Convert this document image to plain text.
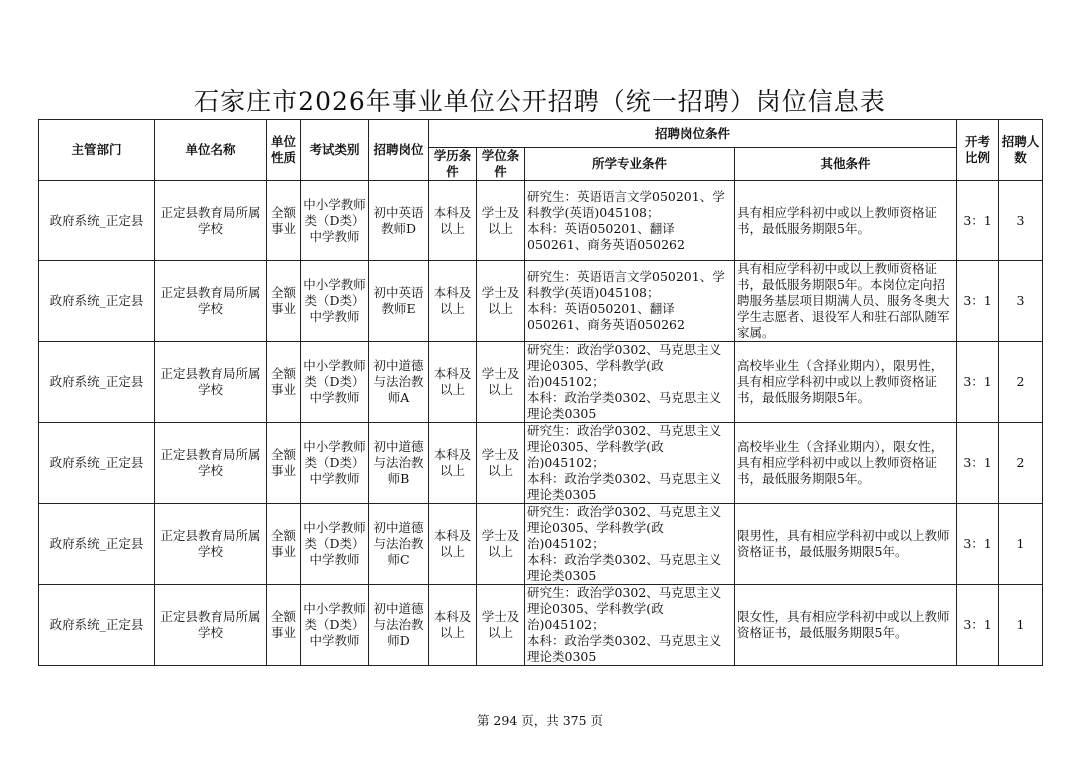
石家庄市2026年事业单位公开招聘（统一招聘）岗位信息表
主管部门	单位名称	单位性质	考试类别	招聘岗位	招聘岗位条件				开考比例	招聘人数
					学历条件	学位条件	所学专业条件	其他条件		
政府系统_正定县	正定县教育局所属学校	全额事业	中小学教师类（D类）中学教师	初中英语教师D	本科及以上	学士及以上	研究生：英语语言文学050201、学科教学(英语)045108；
本科：英语050201、翻译050261、商务英语050262	具有相应学科初中或以上教师资格证书，最低服务期限5年。	3：1	3
政府系统_正定县	正定县教育局所属学校	全额事业	中小学教师类（D类）中学教师	初中英语教师E	本科及以上	学士及以上	研究生：英语语言文学050201、学科教学(英语)045108；
本科：英语050201、翻译050261、商务英语050262	具有相应学科初中或以上教师资格证书，最低服务期限5年。本岗位定向招聘服务基层项目期满人员、服务冬奥大学生志愿者、退役军人和驻石部队随军家属。	3：1	3
政府系统_正定县	正定县教育局所属学校	全额事业	中小学教师类（D类）中学教师	初中道德与法治教师A	本科及以上	学士及以上	研究生：政治学0302、马克思主义理论0305、学科教学(政治)045102；
本科：政治学类0302、马克思主义理论类0305	高校毕业生（含择业期内），限男性，具有相应学科初中或以上教师资格证书，最低服务期限5年。	3：1	2
政府系统_正定县	正定县教育局所属学校	全额事业	中小学教师类（D类）中学教师	初中道德与法治教师B	本科及以上	学士及以上	研究生：政治学0302、马克思主义理论0305、学科教学(政治)045102；
本科：政治学类0302、马克思主义理论类0305	高校毕业生（含择业期内），限女性，具有相应学科初中或以上教师资格证书，最低服务期限5年。	3：1	2
政府系统_正定县	正定县教育局所属学校	全额事业	中小学教师类（D类）中学教师	初中道德与法治教师C	本科及以上	学士及以上	研究生：政治学0302、马克思主义理论0305、学科教学(政治)045102；
本科：政治学类0302、马克思主义理论类0305	限男性，具有相应学科初中或以上教师资格证书，最低服务期限5年。	3：1	1
政府系统_正定县	正定县教育局所属学校	全额事业	中小学教师类（D类）中学教师	初中道德与法治教师D	本科及以上	学士及以上	研究生：政治学0302、马克思主义理论0305、学科教学(政治)045102；
本科：政治学类0302、马克思主义理论类0305	限女性，具有相应学科初中或以上教师资格证书，最低服务期限5年。	3：1	1
第 294 页，共 375 页
